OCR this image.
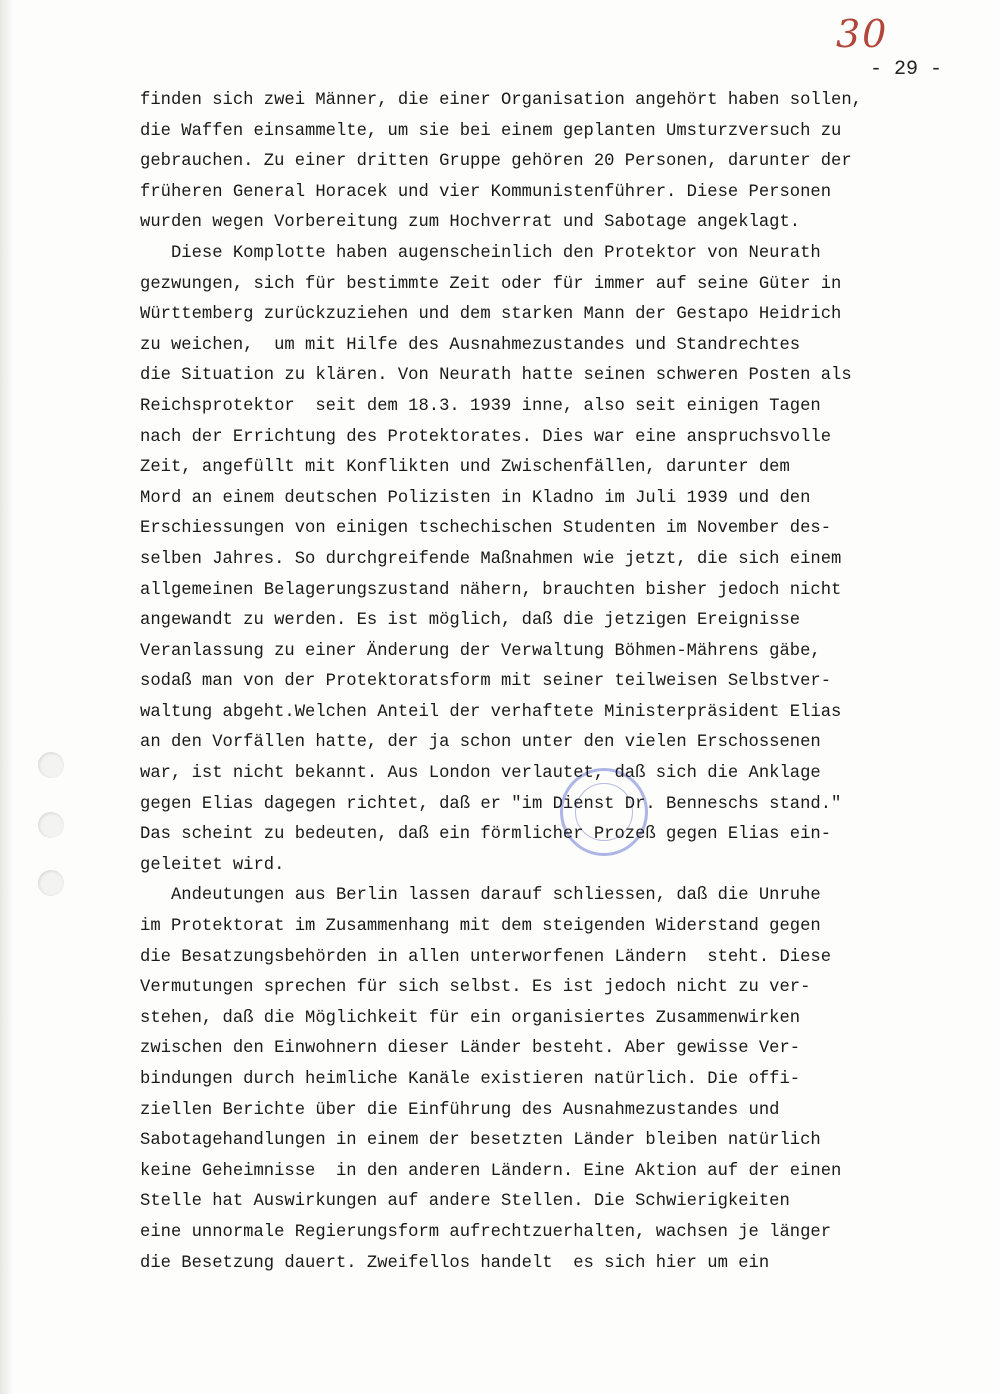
30
- 29 -
finden sich zwei Männer, die einer Organisation angehört haben sollen,
die Waffen einsammelte, um sie bei einem geplanten Umsturzversuch zu
gebrauchen. Zu einer dritten Gruppe gehören 20 Personen, darunter der
früheren General Horacek und vier Kommunistenführer. Diese Personen
wurden wegen Vorbereitung zum Hochverrat und Sabotage angeklagt.
Diese Komplotte haben augenscheinlich den Protektor von Neurath
gezwungen, sich für bestimmte Zeit oder für immer auf seine Güter in
Württemberg zurückzuziehen und dem starken Mann der Gestapo Heidrich
zu weichen,  um mit Hilfe des Ausnahmezustandes und Standrechtes
die Situation zu klären. Von Neurath hatte seinen schweren Posten als
Reichsprotektor  seit dem 18.3. 1939 inne, also seit einigen Tagen
nach der Errichtung des Protektorates. Dies war eine anspruchsvolle
Zeit, angefüllt mit Konflikten und Zwischenfällen, darunter dem
Mord an einem deutschen Polizisten in Kladno im Juli 1939 und den
Erschiessungen von einigen tschechischen Studenten im November des-
selben Jahres. So durchgreifende Maßnahmen wie jetzt, die sich einem
allgemeinen Belagerungszustand nähern, brauchten bisher jedoch nicht
angewandt zu werden. Es ist möglich, daß die jetzigen Ereignisse
Veranlassung zu einer Änderung der Verwaltung Böhmen-Mährens gäbe,
sodaß man von der Protektoratsform mit seiner teilweisen Selbstver-
waltung abgeht.Welchen Anteil der verhaftete Ministerpräsident Elias
an den Vorfällen hatte, der ja schon unter den vielen Erschossenen
war, ist nicht bekannt. Aus London verlautet, daß sich die Anklage
gegen Elias dagegen richtet, daß er "im Dienst Dr. Benneschs stand."
Das scheint zu bedeuten, daß ein förmlicher Prozeß gegen Elias ein-
geleitet wird.
Andeutungen aus Berlin lassen darauf schliessen, daß die Unruhe
im Protektorat im Zusammenhang mit dem steigenden Widerstand gegen
die Besatzungsbehörden in allen unterworfenen Ländern  steht. Diese
Vermutungen sprechen für sich selbst. Es ist jedoch nicht zu ver-
stehen, daß die Möglichkeit für ein organisiertes Zusammenwirken
zwischen den Einwohnern dieser Länder besteht. Aber gewisse Ver-
bindungen durch heimliche Kanäle existieren natürlich. Die offi-
ziellen Berichte über die Einführung des Ausnahmezustandes und
Sabotagehandlungen in einem der besetzten Länder bleiben natürlich
keine Geheimnisse  in den anderen Ländern. Eine Aktion auf der einen
Stelle hat Auswirkungen auf andere Stellen. Die Schwierigkeiten
eine unnormale Regierungsform aufrechtzuerhalten, wachsen je länger
die Besetzung dauert. Zweifellos handelt  es sich hier um ein
